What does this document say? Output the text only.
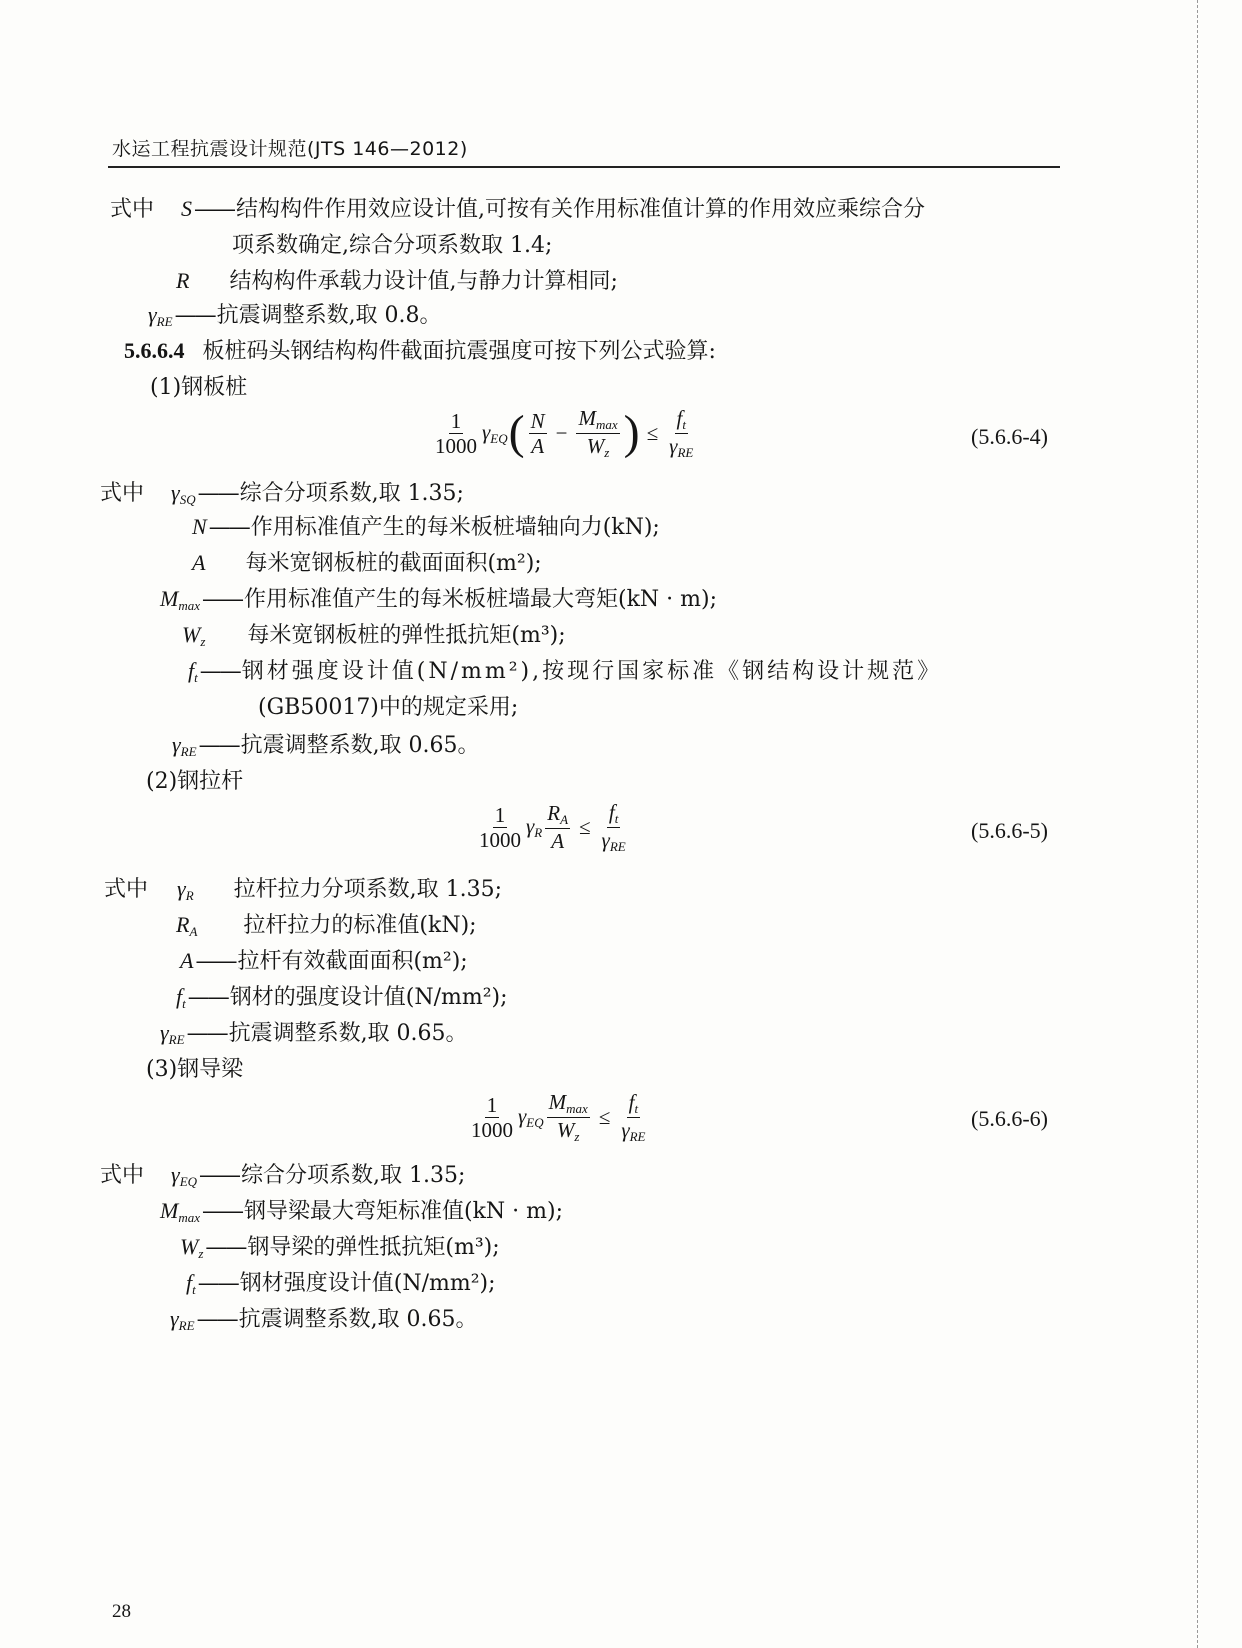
水运工程抗震设计规范(JTS 146—2012)
式中 S——结构构件作用效应设计值,可按有关作用标准值计算的作用效应乘综合分
项系数确定,综合分项系数取 1.4;
R 结构构件承载力设计值,与静力计算相同;
$\gamma_{RE}——$抗震调整系数,取 0.8。
5.6.6.4 板桩码头钢结构构件截面抗震强度可按下列公式验算:
(1)钢板桩
$\frac{1}{1000} \gamma_{EQ}$ ( $\frac{N}{A} - \frac{M_{max}}{W_z}$ ) ≤ $\frac{f_t}{\gamma_{RE}}$	(5.6.6-4)
式中 $\gamma_{SQ}——$综合分项系数,取 1.35;
N——作用标准值产生的每米板桩墙轴向力(kN);
A 每米宽钢板桩的截面面积(m²);
$M_{max}——$作用标准值产生的每米板桩墙最大弯矩(kN · m);
$W_z$ 每米宽钢板桩的弹性抵抗矩(m³);
$f_t——$钢材强度设计值(N/mm²),按现行国家标准《钢结构设计规范》
(GB50017)中的规定采用;
$\gamma_{RE}——$抗震调整系数,取 0.65。
(2)钢拉杆
$\frac{1}{1000} \gamma_R \frac{R_A}{A} \le \frac{f_t}{\gamma_{RE}}$	(5.6.6-5)
式中 $\gamma_R$ 拉杆拉力分项系数,取 1.35;
$R_A$ 拉杆拉力的标准值(kN);
A——拉杆有效截面面积(m²);
$f_t——$钢材的强度设计值(N/mm²);
$\gamma_{RE}——$抗震调整系数,取 0.65。
(3)钢导梁
$\frac{1}{1000} \gamma_{EQ} \frac{M_{max}}{W_z} \le \frac{f_t}{\gamma_{RE}}$	(5.6.6-6)
式中 $\gamma_{EQ}——$综合分项系数,取 1.35;
$M_{max}——$钢导梁最大弯矩标准值(kN · m);
$W_z——$钢导梁的弹性抵抗矩(m³);
$f_t——$钢材强度设计值(N/mm²);
$\gamma_{RE}——$抗震调整系数,取 0.65。
28
